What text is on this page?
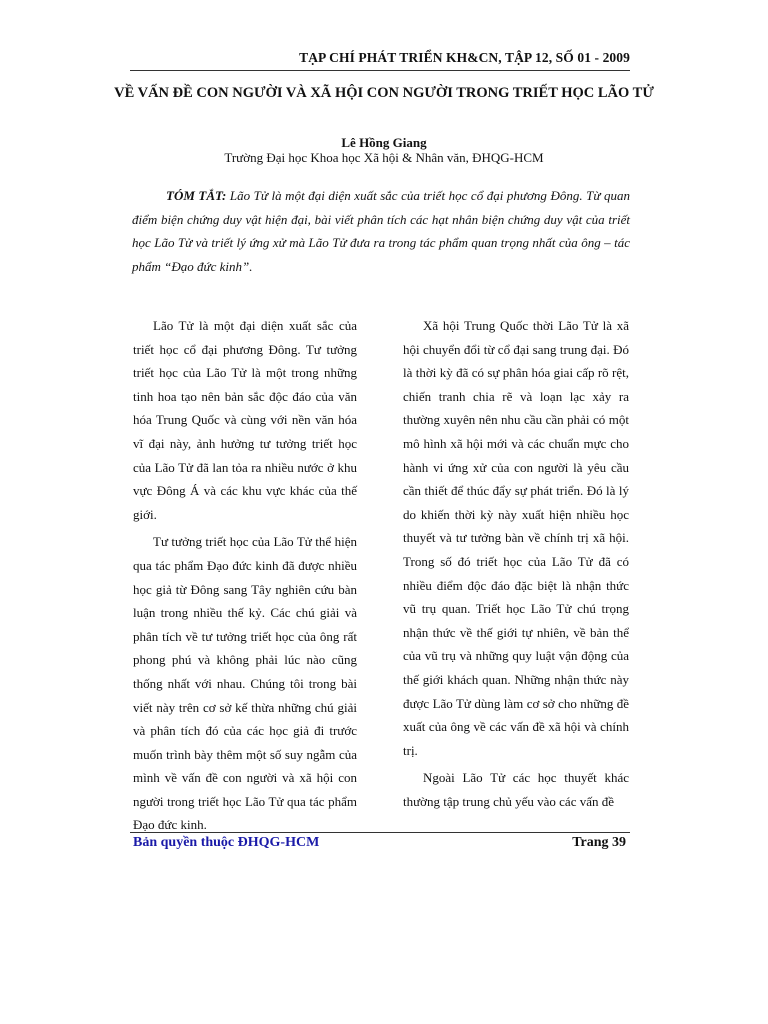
TẠP CHÍ PHÁT TRIỂN KH&CN, TẬP 12, SỐ 01 - 2009
VỀ VẤN ĐỀ CON NGƯỜI VÀ XÃ HỘI CON NGƯỜI TRONG TRIẾT HỌC LÃO TỬ
Lê Hồng Giang
Trường Đại học Khoa học Xã hội & Nhân văn, ĐHQG-HCM
TÓM TẮT: Lão Tử là một đại diện xuất sắc của triết học cổ đại phương Đông. Từ quan điểm biện chứng duy vật hiện đại, bài viết phân tích các hạt nhân biện chứng duy vật của triết học Lão Tử và triết lý ứng xử mà Lão Tử đưa ra trong tác phẩm quan trọng nhất của ông – tác phẩm “Đạo đức kinh”.

Lão Tử là một đại diện xuất sắc của triết học cổ đại phương Đông. Tư tưởng triết học của Lão Tử là một trong những tinh hoa tạo nên bản sắc độc đáo của văn hóa Trung Quốc và cùng với nền văn hóa vĩ đại này, ảnh hưởng tư tưởng triết học của Lão Tử đã lan tỏa ra nhiều nước ở khu vực Đông Á và các khu vực khác của thế giới.

Tư tưởng triết học của Lão Tử thể hiện qua tác phẩm Đạo đức kinh đã được nhiều học giả từ Đông sang Tây nghiên cứu bàn luận trong nhiều thế kỷ. Các chú giải và phân tích về tư tưởng triết học của ông rất phong phú và không phải lúc nào cũng thống nhất với nhau. Chúng tôi trong bài viết này trên cơ sở kế thừa những chú giải và phân tích đó của các học giả đi trước muốn trình bày thêm một số suy ngẫm của mình về vấn đề con người và xã hội con người trong triết học Lão Tử qua tác phẩm Đạo đức kinh.

Xã hội Trung Quốc thời Lão Tử là xã hội chuyển đổi từ cổ đại sang trung đại. Đó là thời kỳ đã có sự phân hóa giai cấp rõ rệt, chiến tranh chia rẽ và loạn lạc xảy ra thường xuyên nên nhu cầu cần phải có một mô hình xã hội mới và các chuẩn mực cho hành vi ứng xử của con người là yêu cầu cần thiết để thúc đẩy sự phát triển. Đó là lý do khiến thời kỳ này xuất hiện nhiều học thuyết và tư tưởng bàn về chính trị xã hội. Trong số đó triết học của Lão Tử đã có nhiều điểm độc đáo đặc biệt là nhận thức vũ trụ quan. Triết học Lão Tử chú trọng nhận thức về thế giới tự nhiên, về bản thể của vũ trụ và những quy luật vận động của thế giới khách quan. Những nhận thức này được Lão Tử dùng làm cơ sở cho những đề xuất của ông về các vấn đề xã hội và chính trị.

Ngoài Lão Tử các học thuyết khác thường tập trung chủ yếu vào các vấn đề

Bản quyền thuộc ĐHQG-HCM	Trang 39
